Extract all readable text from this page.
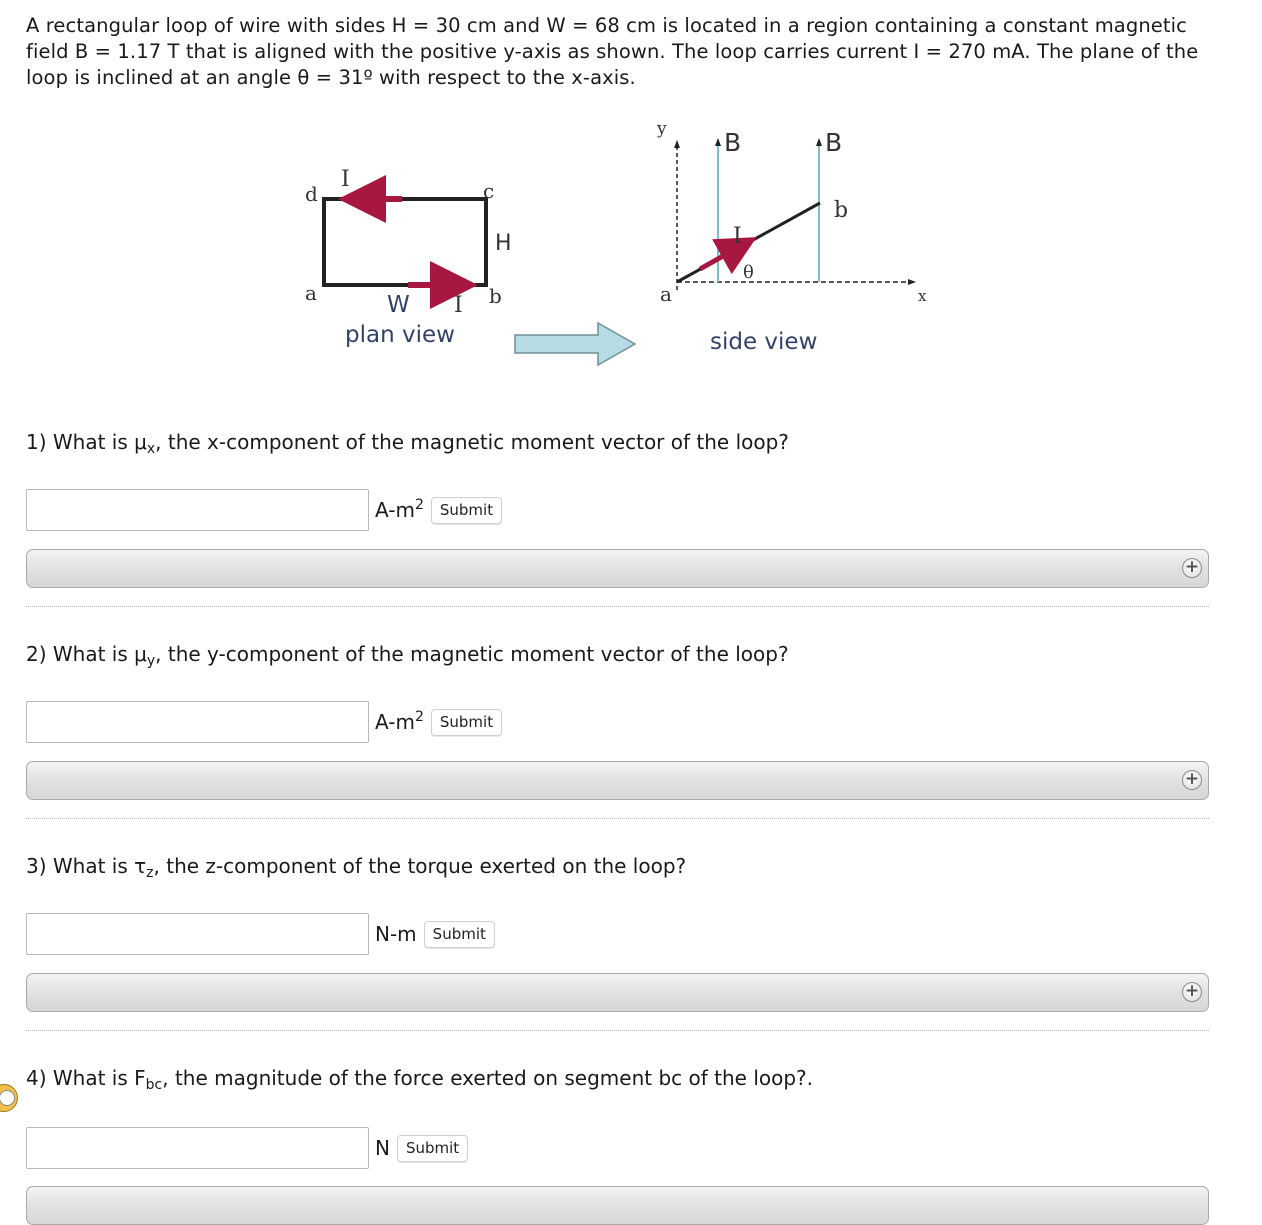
A rectangular loop of wire with sides H = 30 cm and W = 68 cm is located in a region containing a constant magnetic field B = 1.17 T that is aligned with the positive y-axis as shown. The loop carries current I = 270 mA. The plane of the loop is inclined at an angle θ = 31º with respect to the x-axis.

d	c
a	b
I
I
W
H
plan view
y B	B
b
I
θ
a	x
side view

1) What is $\mu_x$, the x-component of the magnetic moment vector of the loop?

$A-m^2$	Submit
+

2) What is $\mu_y$, the y-component of the magnetic moment vector of the loop?

$A-m^2$	Submit
+

3) What is $\tau_z$, the z-component of the torque exerted on the loop?

N-m	Submit
+

4) What is $F_{bc}$, the magnitude of the force exerted on segment bc of the loop?.

N	Submit
